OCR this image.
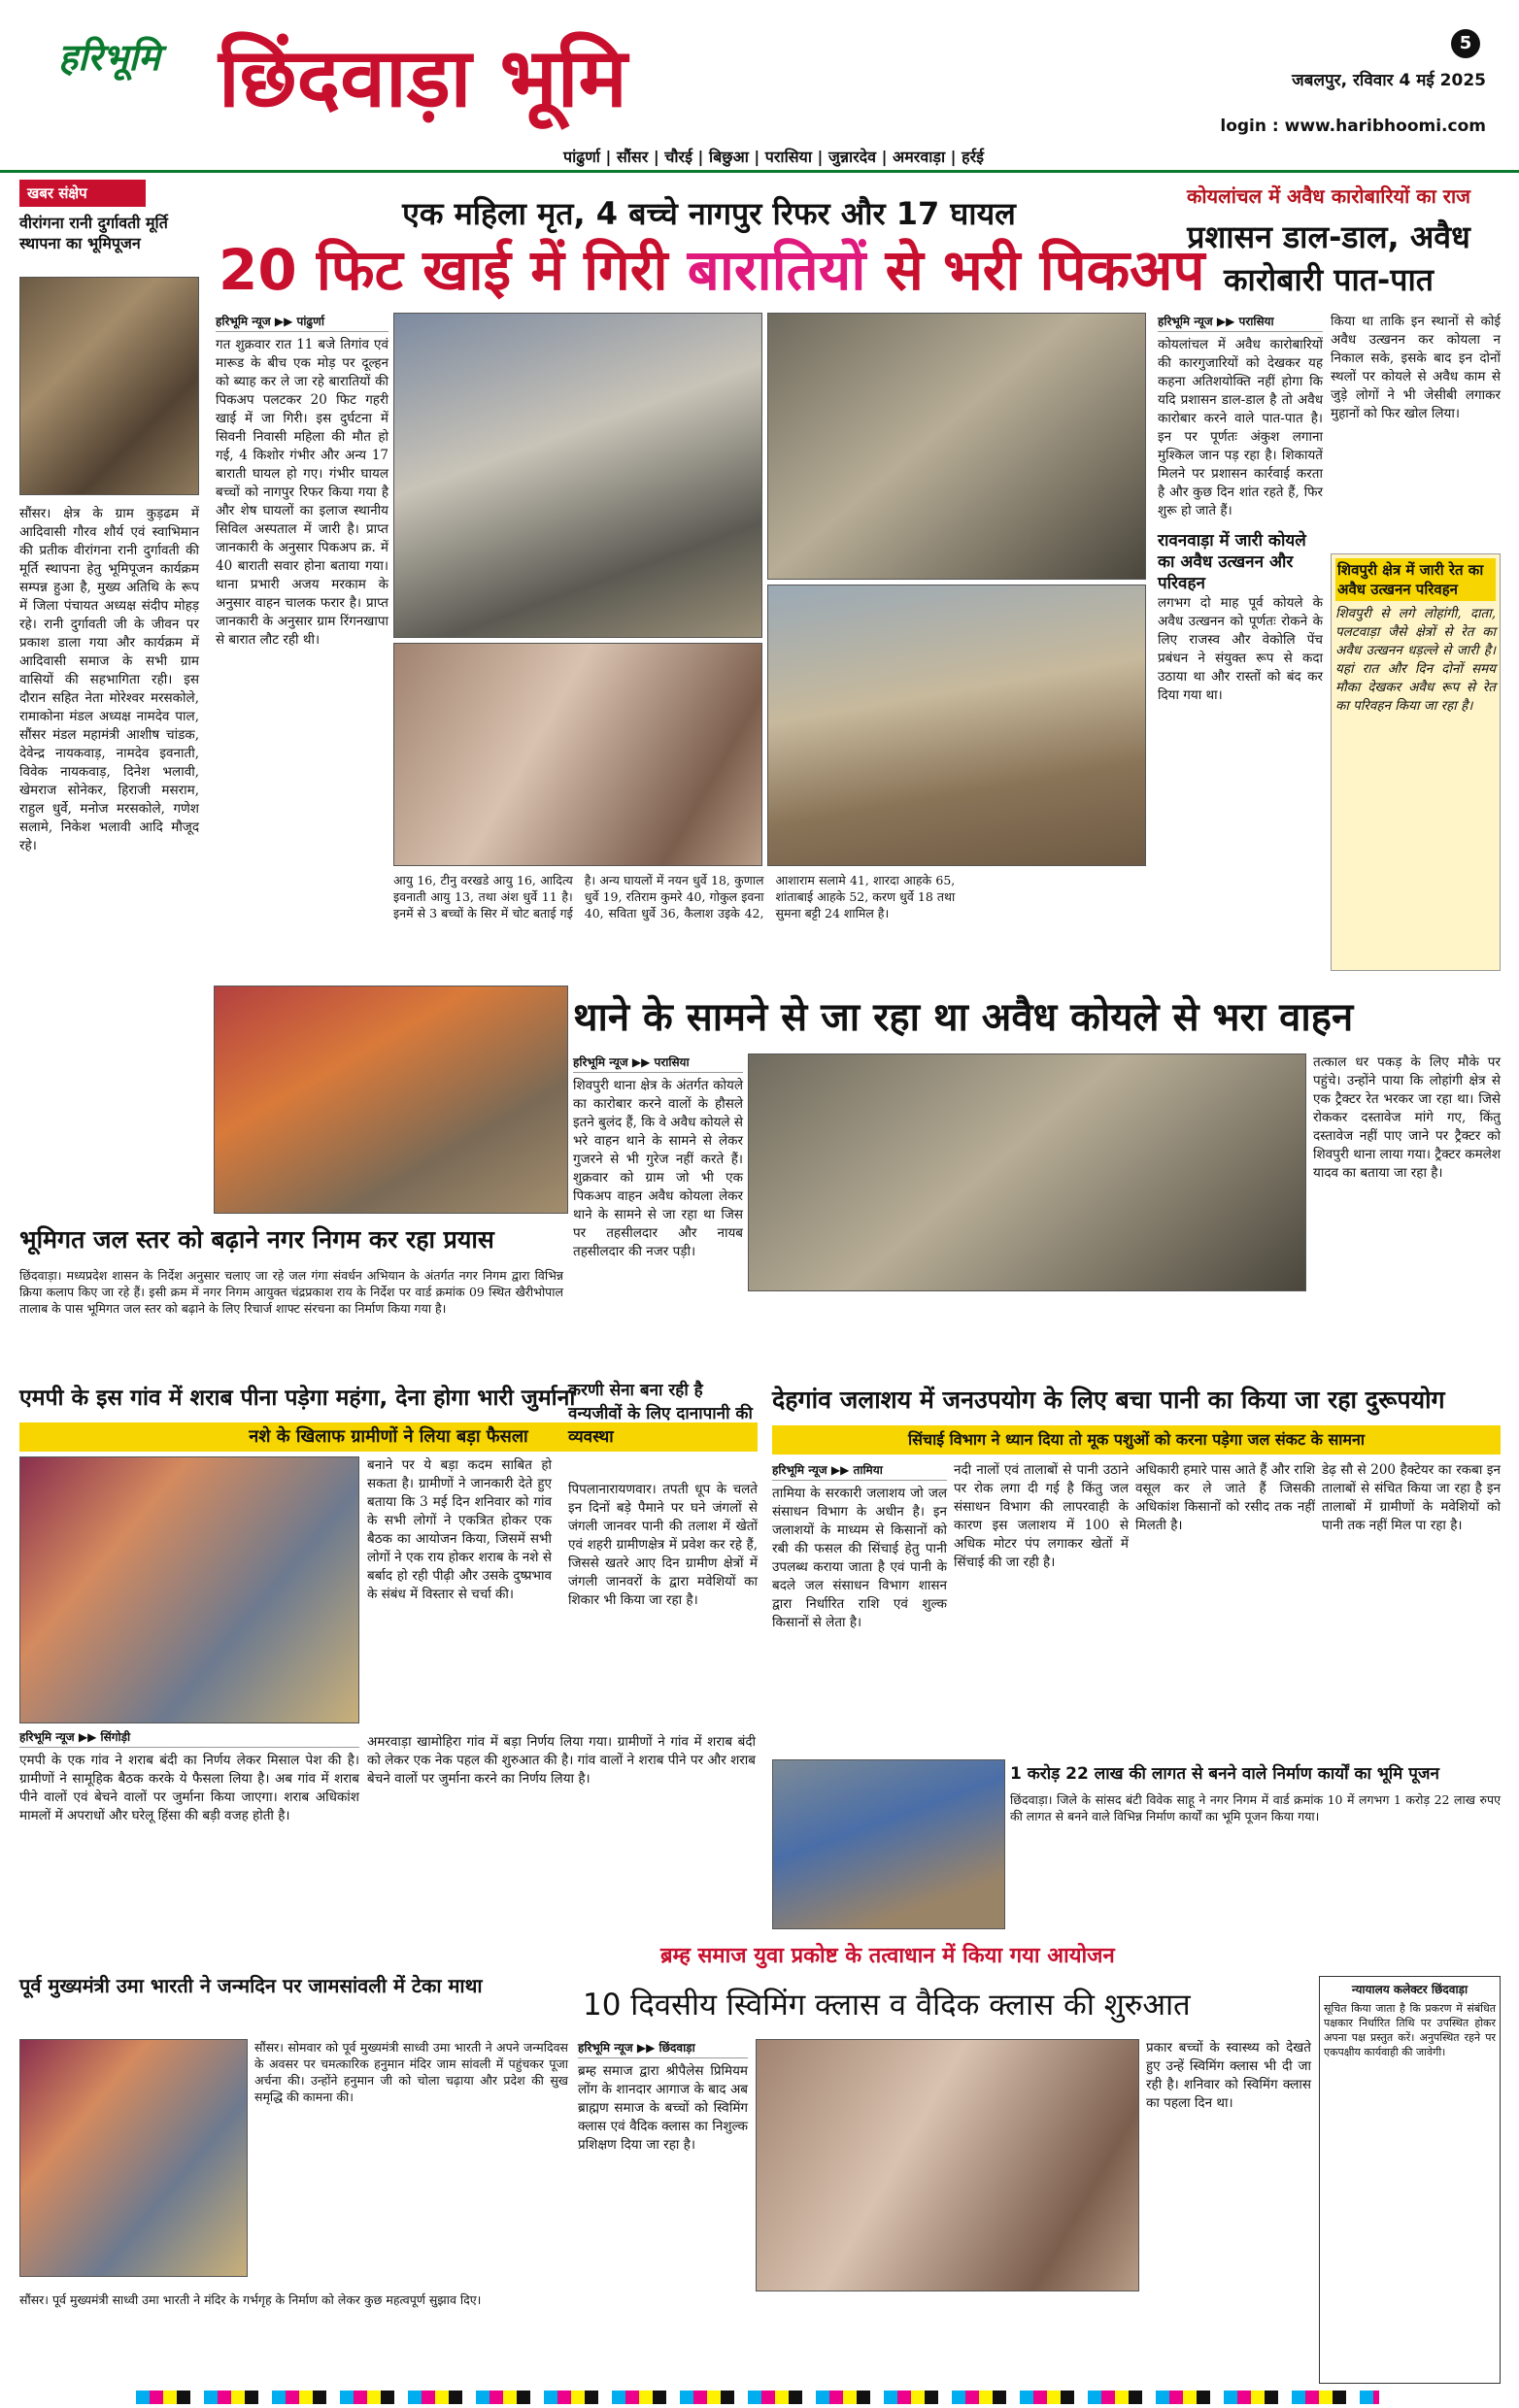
हरिभूमि छिंदवाड़ा भूमि	5
जबलपुर, रविवार 4 मई 2025
login : www.haribhoomi.com
पांढुर्णा | सौंसर | चौरई | बिछुआ | परासिया | जुन्नारदेव | अमरवाड़ा | हर्रई
खबर संक्षेप
वीरांगना रानी दुर्गावती मूर्ति स्थापना का भूमिपूजन
सौंसर। क्षेत्र के ग्राम कुड़ढम में आदिवासी गौरव शौर्य एवं स्वाभिमान की प्रतीक वीरांगना रानी दुर्गावती की मूर्ति स्थापना हेतु भूमिपूजन कार्यक्रम सम्पन्न हुआ है, मुख्य अतिथि के रूप में जिला पंचायत अध्यक्ष संदीप मोहड़ रहे। रानी दुर्गावती जी के जीवन पर प्रकाश डाला गया और कार्यक्रम में आदिवासी समाज के सभी ग्राम वासियों की सहभागिता रही। इस दौरान सहित नेता मोरेश्वर मरसकोले, रामाकोना मंडल अध्यक्ष नामदेव पाल, सौंसर मंडल महामंत्री आशीष चांडक, देवेन्द्र नायकवाड़, नामदेव इवनाती, विवेक नायकवाड़, दिनेश भलावी, खेमराज सोनेकर, हिराजी मसराम, राहुल धुर्वे, मनोज मरसकोले, गणेश सलामे, निकेश भलावी आदि मौजूद रहे।
एक महिला मृत, 4 बच्चे नागपुर रिफर और 17 घायल
20 फिट खाई में गिरी बारातियों से भरी पिकअप
हरिभूमि न्यूज ▶▶ पांढुर्णा
गत शुक्रवार रात 11 बजे तिगांव एवं मारूड के बीच एक मोड़ पर दूल्हन को ब्याह कर ले जा रहे बारातियों की पिकअप पलटकर 20 फिट गहरी खाई में जा गिरी। इस दुर्घटना में सिवनी निवासी महिला की मौत हो गई, 4 किशोर गंभीर और अन्य 17 बाराती घायल हो गए। गंभीर घायल बच्चों को नागपुर रिफर किया गया है और शेष घायलों का इलाज स्थानीय सिविल अस्पताल में जारी है। प्राप्त जानकारी के अनुसार पिकअप क्र. में 40 बाराती सवार होना बताया गया। थाना प्रभारी अजय मरकाम के अनुसार वाहन चालक फरार है। प्राप्त जानकारी के अनुसार ग्राम रिंगनखापा से बारात लौट रही थी।
आयु 16, टीनु वरखडे आयु 16, आदित्य इवनाती आयु 13, तथा अंश धुर्वे 11 है। इनमें से 3 बच्चों के सिर में चोट बताई गई है। अन्य घायलों में नयन धुर्वे 18, कुणाल धुर्वे 19, रतिराम कुमरे 40, गोकुल इवना 40, सविता धुर्वे 36, कैलाश उइके 42, आशाराम सलामे 41, शारदा आहके 65, शांताबाई आहके 52, करण धुर्वे 18 तथा सुमना बट्टी 24 शामिल है।
कोयलांचल में अवैध कारोबारियों का राज
प्रशासन डाल-डाल, अवैध कारोबारी पात-पात
हरिभूमि न्यूज ▶▶ परासिया
कोयलांचल में अवैध कारोबारियों की कारगुजारियों को देखकर यह कहना अतिशयोक्ति नहीं होगा कि यदि प्रशासन डाल-डाल है तो अवैध कारोबार करने वाले पात-पात है। इन पर पूर्णतः अंकुश लगाना मुश्किल जान पड़ रहा है। शिकायतें मिलने पर प्रशासन कार्रवाई करता है और कुछ दिन शांत रहते हैं, फिर शुरू हो जाते हैं।
रावनवाड़ा में जारी कोयले का अवैध उत्खनन और परिवहन
लगभग दो माह पूर्व कोयले के अवैध उत्खनन को पूर्णतः रोकने के लिए राजस्व और वेकोलि पेंच प्रबंधन ने संयुक्त रूप से कदा उठाया था और रास्तों को बंद कर दिया गया था।
किया था ताकि इन स्थानों से कोई अवैध उत्खनन कर कोयला न निकाल सके, इसके बाद इन दोनों स्थलों पर कोयले से अवैध काम से जुड़े लोगों ने भी जेसीबी लगाकर मुहानों को फिर खोल लिया।
शिवपुरी क्षेत्र में जारी रेत का अवैध उत्खनन परिवहन
शिवपुरी से लगे लोहांगी, दाता, पलटवाड़ा जैसे क्षेत्रों से रेत का अवैध उत्खनन धड़ल्ले से जारी है। यहां रात और दिन दोनों समय मौका देखकर अवैध रूप से रेत का परिवहन किया जा रहा है।
थाने के सामने से जा रहा था अवैध कोयले से भरा वाहन
हरिभूमि न्यूज ▶▶ परासिया
शिवपुरी थाना क्षेत्र के अंतर्गत कोयले का कारोबार करने वालों के हौसले इतने बुलंद हैं, कि वे अवैध कोयले से भरे वाहन थाने के सामने से लेकर गुजरने से भी गुरेज नहीं करते हैं। शुक्रवार को ग्राम जो भी एक पिकअप वाहन अवैध कोयला लेकर थाने के सामने से जा रहा था जिस पर तहसीलदार और नायब तहसीलदार की नजर पड़ी।
तत्काल धर पकड़ के लिए मौके पर पहुंचे। उन्होंने पाया कि लोहांगी क्षेत्र से एक ट्रैक्टर रेत भरकर जा रहा था। जिसे रोककर दस्तावेज मांगे गए, किंतु दस्तावेज नहीं पाए जाने पर ट्रैक्टर को शिवपुरी थाना लाया गया। ट्रैक्टर कमलेश यादव का बताया जा रहा है।
भूमिगत जल स्तर को बढ़ाने नगर निगम कर रहा प्रयास
छिंदवाड़ा। मध्यप्रदेश शासन के निर्देश अनुसार चलाए जा रहे जल गंगा संवर्धन अभियान के अंतर्गत नगर निगम द्वारा विभिन्न क्रिया कलाप किए जा रहे हैं। इसी क्रम में नगर निगम आयुक्त चंद्रप्रकाश राय के निर्देश पर वार्ड क्रमांक 09 स्थित खैरीभोपाल तालाब के पास भूमिगत जल स्तर को बढ़ाने के लिए रिचार्ज शाफ्ट संरचना का निर्माण किया गया है।
एमपी के इस गांव में शराब पीना पड़ेगा महंगा, देना होगा भारी जुर्माना
नशे के खिलाफ ग्रामीणों ने लिया बड़ा फैसला
हरिभूमि न्यूज ▶▶ सिंगोड़ी
एमपी के एक गांव ने शराब बंदी का निर्णय लेकर मिसाल पेश की है। ग्रामीणों ने सामूहिक बैठक करके ये फैसला लिया है। अब गांव में शराब पीने वालों एवं बेचने वालों पर जुर्माना किया जाएगा। शराब अधिकांश मामलों में अपराधों और घरेलू हिंसा की बड़ी वजह होती है।
बनाने पर ये बड़ा कदम साबित हो सकता है। ग्रामीणों ने जानकारी देते हुए बताया कि 3 मई दिन शनिवार को गांव के सभी लोगों ने एकत्रित होकर एक बैठक का आयोजन किया, जिसमें सभी लोगों ने एक राय होकर शराब के नशे से बर्बाद हो रही पीढ़ी और उसके दुष्प्रभाव के संबंध में विस्तार से चर्चा की।
अमरवाड़ा खामोहिरा गांव में बड़ा निर्णय लिया गया। ग्रामीणों ने गांव में शराब बंदी को लेकर एक नेक पहल की शुरुआत की है। गांव वालों ने शराब पीने पर और शराब बेचने वालों पर जुर्माना करने का निर्णय लिया है।
करणी सेना बना रही है वन्यजीवों के लिए दानापानी की व्यवस्था
पिपलानारायणवार। तपती धूप के चलते इन दिनों बड़े पैमाने पर घने जंगलों से जंगली जानवर पानी की तलाश में खेतों एवं शहरी ग्रामीणक्षेत्र में प्रवेश कर रहे हैं, जिससे खतरे आए दिन ग्रामीण क्षेत्रों में जंगली जानवरों के द्वारा मवेशियों का शिकार भी किया जा रहा है।
देहगांव जलाशय में जनउपयोग के लिए बचा पानी का किया जा रहा दुरूपयोग
सिंचाई विभाग ने ध्यान दिया तो मूक पशुओं को करना पड़ेगा जल संकट के सामना
हरिभूमि न्यूज ▶▶ तामिया
तामिया के सरकारी जलाशय जो जल संसाधन विभाग के अधीन है। इन जलाशयों के माध्यम से किसानों को रबी की फसल की सिंचाई हेतु पानी उपलब्ध कराया जाता है एवं पानी के बदले जल संसाधन विभाग शासन द्वारा निर्धारित राशि एवं शुल्क किसानों से लेता है।
नदी नालों एवं तालाबों से पानी उठाने पर रोक लगा दी गई है किंतु जल संसाधन विभाग की लापरवाही के कारण इस जलाशय में 100 से अधिक मोटर पंप लगाकर खेतों में सिंचाई की जा रही है।
अधिकारी हमारे पास आते हैं और राशि वसूल कर ले जाते हैं जिसकी अधिकांश किसानों को रसीद तक नहीं मिलती है।
डेढ़ सौ से 200 हैक्टेयर का रकबा इन तालाबों से संचित किया जा रहा है इन तालाबों में ग्रामीणों के मवेशियों को पानी तक नहीं मिल पा रहा है।
1 करोड़ 22 लाख की लागत से बनने वाले निर्माण कार्यों का भूमि पूजन
छिंदवाड़ा। जिले के सांसद बंटी विवेक साहू ने नगर निगम में वार्ड क्रमांक 10 में लगभग 1 करोड़ 22 लाख रुपए की लागत से बनने वाले विभिन्न निर्माण कार्यों का भूमि पूजन किया गया।
ब्रम्ह समाज युवा प्रकोष्ट के तत्वाधान में किया गया आयोजन
10 दिवसीय स्विमिंग क्लास व वैदिक क्लास की शुरुआत
हरिभूमि न्यूज ▶▶ छिंदवाड़ा
ब्रम्ह समाज द्वारा श्रीपैलेस प्रिमियम लोंग के शानदार आगाज के बाद अब ब्राह्मण समाज के बच्चों को स्विमिंग क्लास एवं वैदिक क्लास का निशुल्क प्रशिक्षण दिया जा रहा है।
प्रकार बच्चों के स्वास्थ्य को देखते हुए उन्हें स्विमिंग क्लास भी दी जा रही है। शनिवार को स्विमिंग क्लास का पहला दिन था।
न्यायालय कलेक्टर छिंदवाड़ा
सूचित किया जाता है कि प्रकरण में संबंधित पक्षकार निर्धारित तिथि पर उपस्थित होकर अपना पक्ष प्रस्तुत करें। अनुपस्थित रहने पर एकपक्षीय कार्यवाही की जावेगी।
पूर्व मुख्यमंत्री उमा भारती ने जन्मदिन पर जामसांवली में टेका माथा
सौंसर। सोमवार को पूर्व मुख्यमंत्री साध्वी उमा भारती ने अपने जन्मदिवस के अवसर पर चमत्कारिक हनुमान मंदिर जाम सांवली में पहुंचकर पूजा अर्चना की। उन्होंने हनुमान जी को चोला चढ़ाया और प्रदेश की सुख समृद्धि की कामना की।
सौंसर। पूर्व मुख्यमंत्री साध्वी उमा भारती ने मंदिर के गर्भगृह के निर्माण को लेकर कुछ महत्वपूर्ण सुझाव दिए।
